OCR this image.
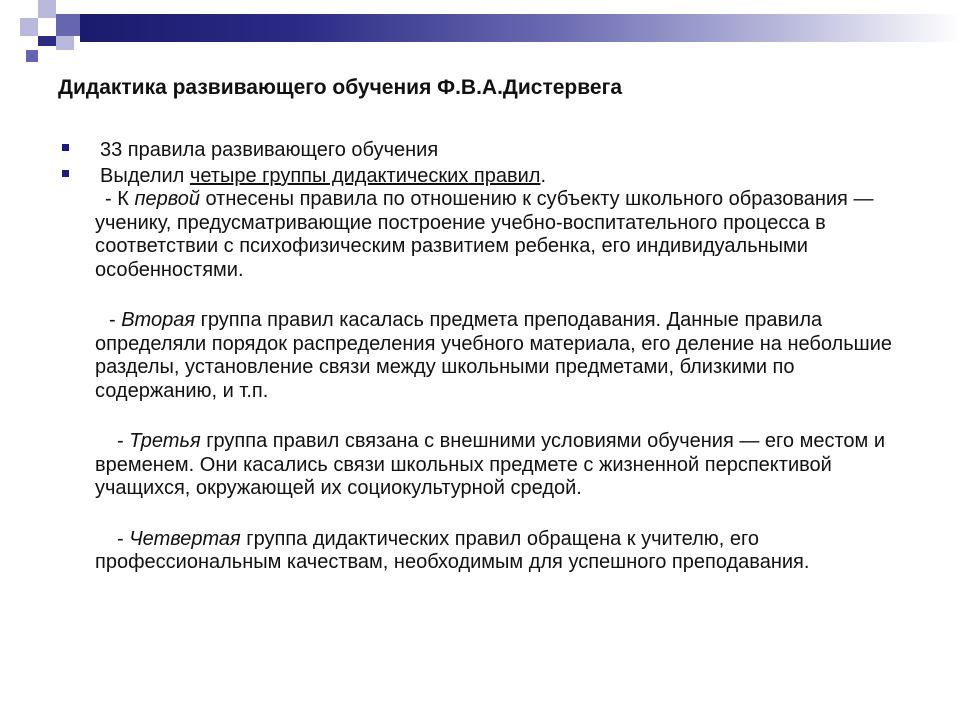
Дидактика развивающего обучения Ф.В.А.Дистервега
33 правила развивающего обучения
Выделил четыре группы дидактических правил.

- К первой отнесены правила по отношению к субъекту школьного образования — ученику, предусматривающие построение учебно-воспитательного процесса в соответствии с психофизическим развитием ребенка, его индивидуальными особенностями.

- Вторая группа правил касалась предмета преподавания. Данные правила определяли порядок распределения учебного материала, его деление на небольшие разделы, установление связи между школьными предметами, близкими по содержанию, и т.п.

- Третья группа правил связана с внешними условиями обучения — его местом и временем. Они касались связи школьных предмете с жизненной перспективой учащихся, окружающей их социокультурной средой.

- Четвертая группа дидактических правил обращена к учителю, его профессиональным качествам, необходимым для успешного преподавания.
